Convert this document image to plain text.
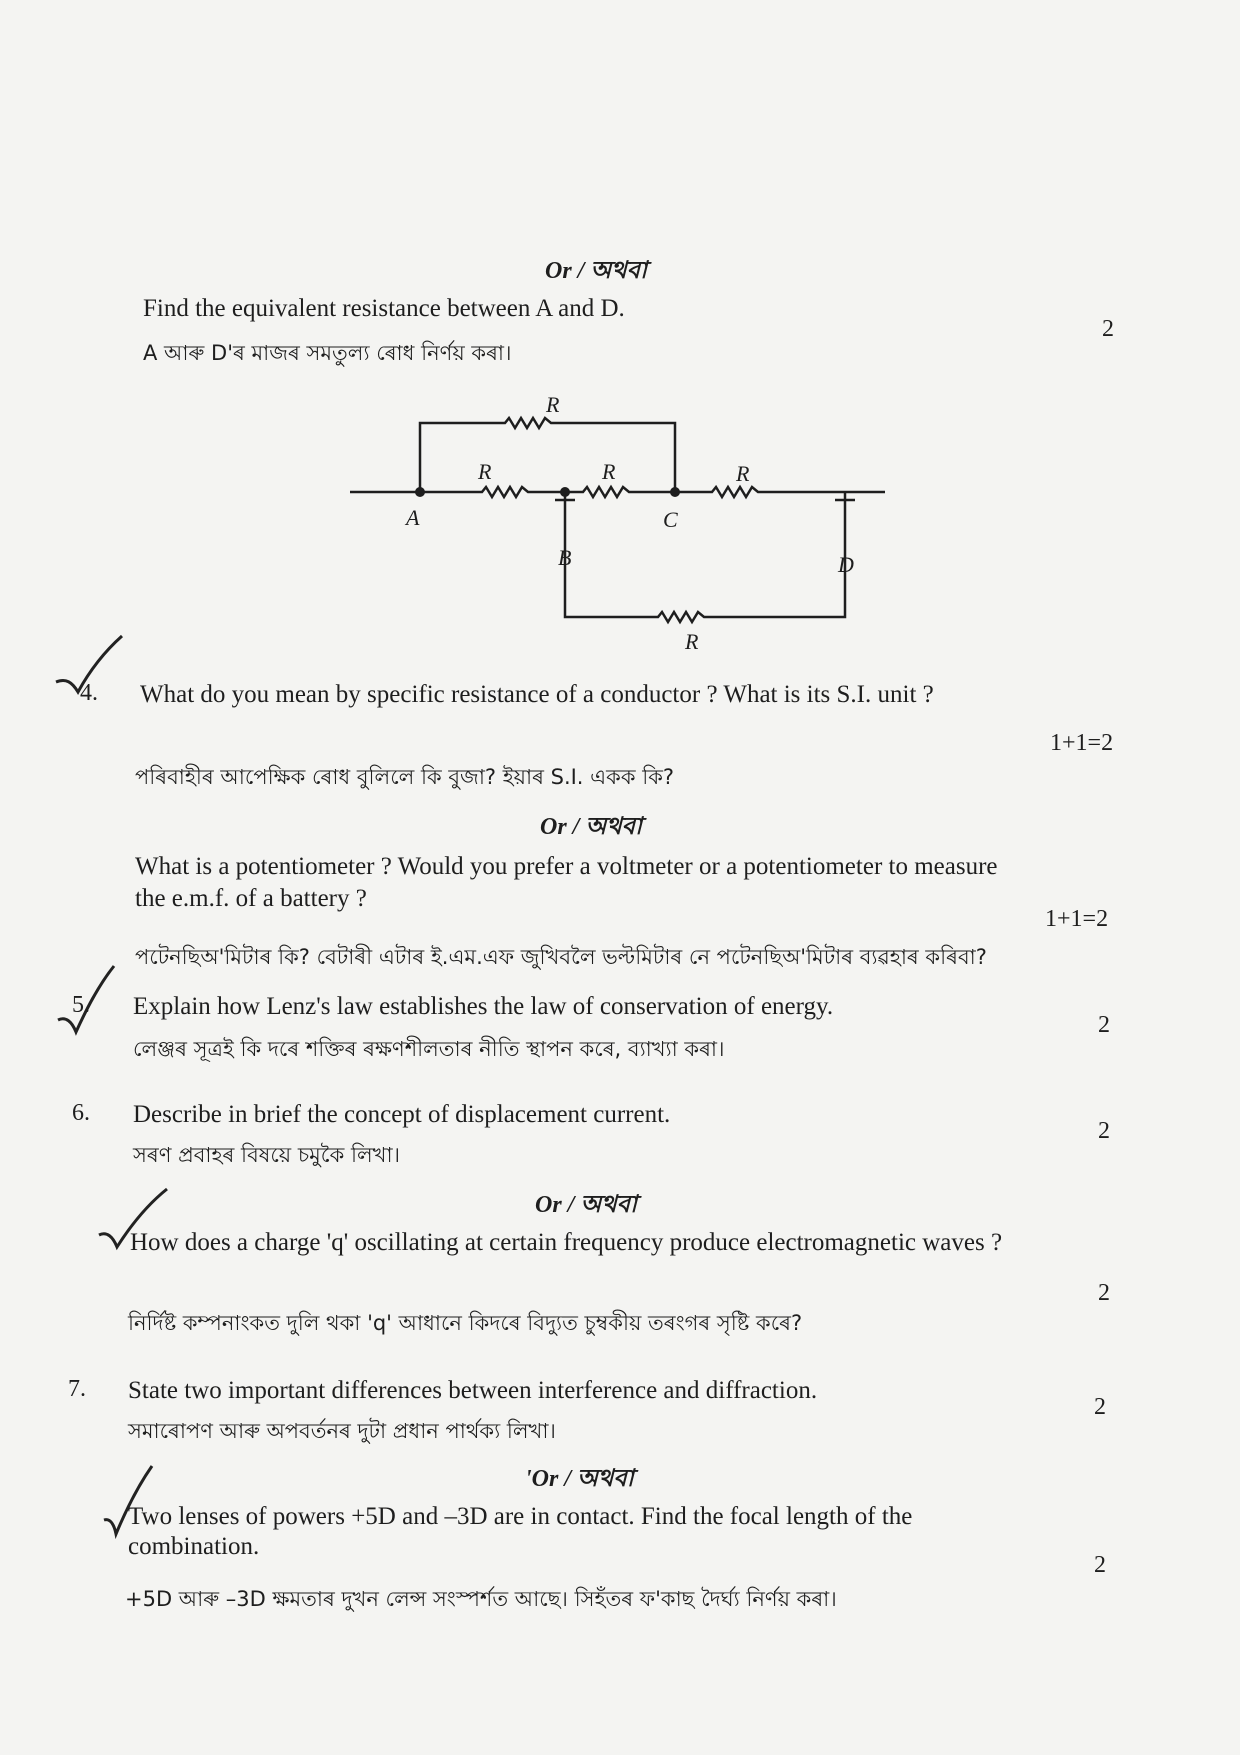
Or / অথবা
Find the equivalent resistance between A and D.
A আৰু D'ৰ মাজৰ সমতুল্য ৰোধ নিৰ্ণয় কৰা।
2
R
R	R	R
R
A
B
C
D
4. What do you mean by specific resistance of a conductor ? What is its S.I. unit ?
1+1=2
পৰিবাহীৰ আপেক্ষিক ৰোধ বুলিলে কি বুজা? ইয়াৰ S.I. একক কি?
Or / অথবা
What is a potentiometer ? Would you prefer a voltmeter or a potentiometer to measure
the e.m.f. of a battery ?
1+1=2
পটেনছিঅ'মিটাৰ কি? বেটাৰী এটাৰ ই.এম.এফ জুখিবলৈ ভল্টমিটাৰ নে পটেনছিঅ'মিটাৰ ব্যৱহাৰ কৰিবা?
5. Explain how Lenz's law establishes the law of conservation of energy.
2
লেঞ্জৰ সূত্ৰই কি দৰে শক্তিৰ ৰক্ষণশীলতাৰ নীতি স্থাপন কৰে, ব্যাখ্যা কৰা।
6. Describe in brief the concept of displacement current.
2
সৰণ প্ৰবাহৰ বিষয়ে চমুকৈ লিখা।
Or / অথবা
How does a charge 'q' oscillating at certain frequency produce electromagnetic waves ?
2
নিৰ্দিষ্ট কম্পনাংকত দুলি থকা 'q' আধানে কিদৰে বিদ্যুত চুম্বকীয় তৰংগৰ সৃষ্টি কৰে?
7. State two important differences between interference and diffraction.
2
সমাৰোপণ আৰু অপবৰ্তনৰ দুটা প্ৰধান পাৰ্থক্য লিখা।
'Or / অথবা
Two lenses of powers +5D and –3D are in contact. Find the focal length of the
combination.
2
+5D আৰু –3D ক্ষমতাৰ দুখন লেন্স সংস্পৰ্শত আছে। সিহঁতৰ ফ'কাছ দৈৰ্ঘ্য নিৰ্ণয় কৰা।
